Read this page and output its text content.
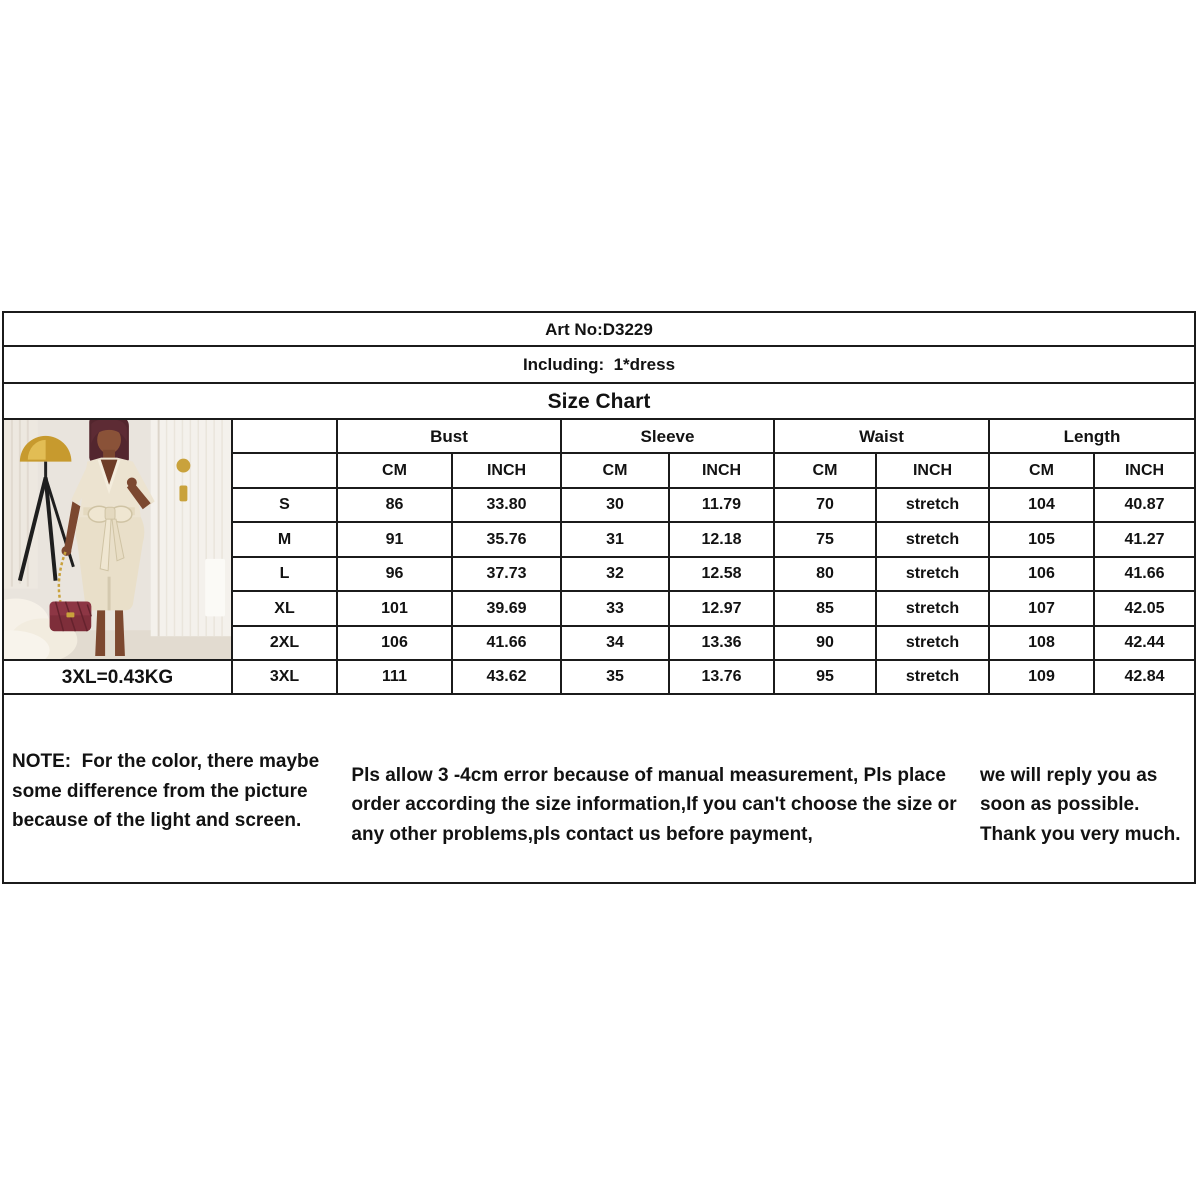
Art No:D3229
Including:  1*dress
Size Chart
Bust	Sleeve	Waist	Length
CM	INCH	CM	INCH	CM	INCH	CM	INCH
S	86	33.80	30	11.79	70	stretch	104	40.87
M	91	35.76	31	12.18	75	stretch	105	41.27
L	96	37.73	32	12.58	80	stretch	106	41.66
XL	101	39.69	33	12.97	85	stretch	107	42.05
2XL	106	41.66	34	13.36	90	stretch	108	42.44
3XL=0.43KG	3XL	111	43.62	35	13.76	95	stretch	109	42.84

NOTE:  For the color, there maybe some difference from the picture because of the light and screen.

Pls allow 3 -4cm error because of manual measurement, Pls place order according the size information,If you can't choose the size or any other problems,pls contact us before payment,

we will reply you as soon as possible. Thank you very much.
